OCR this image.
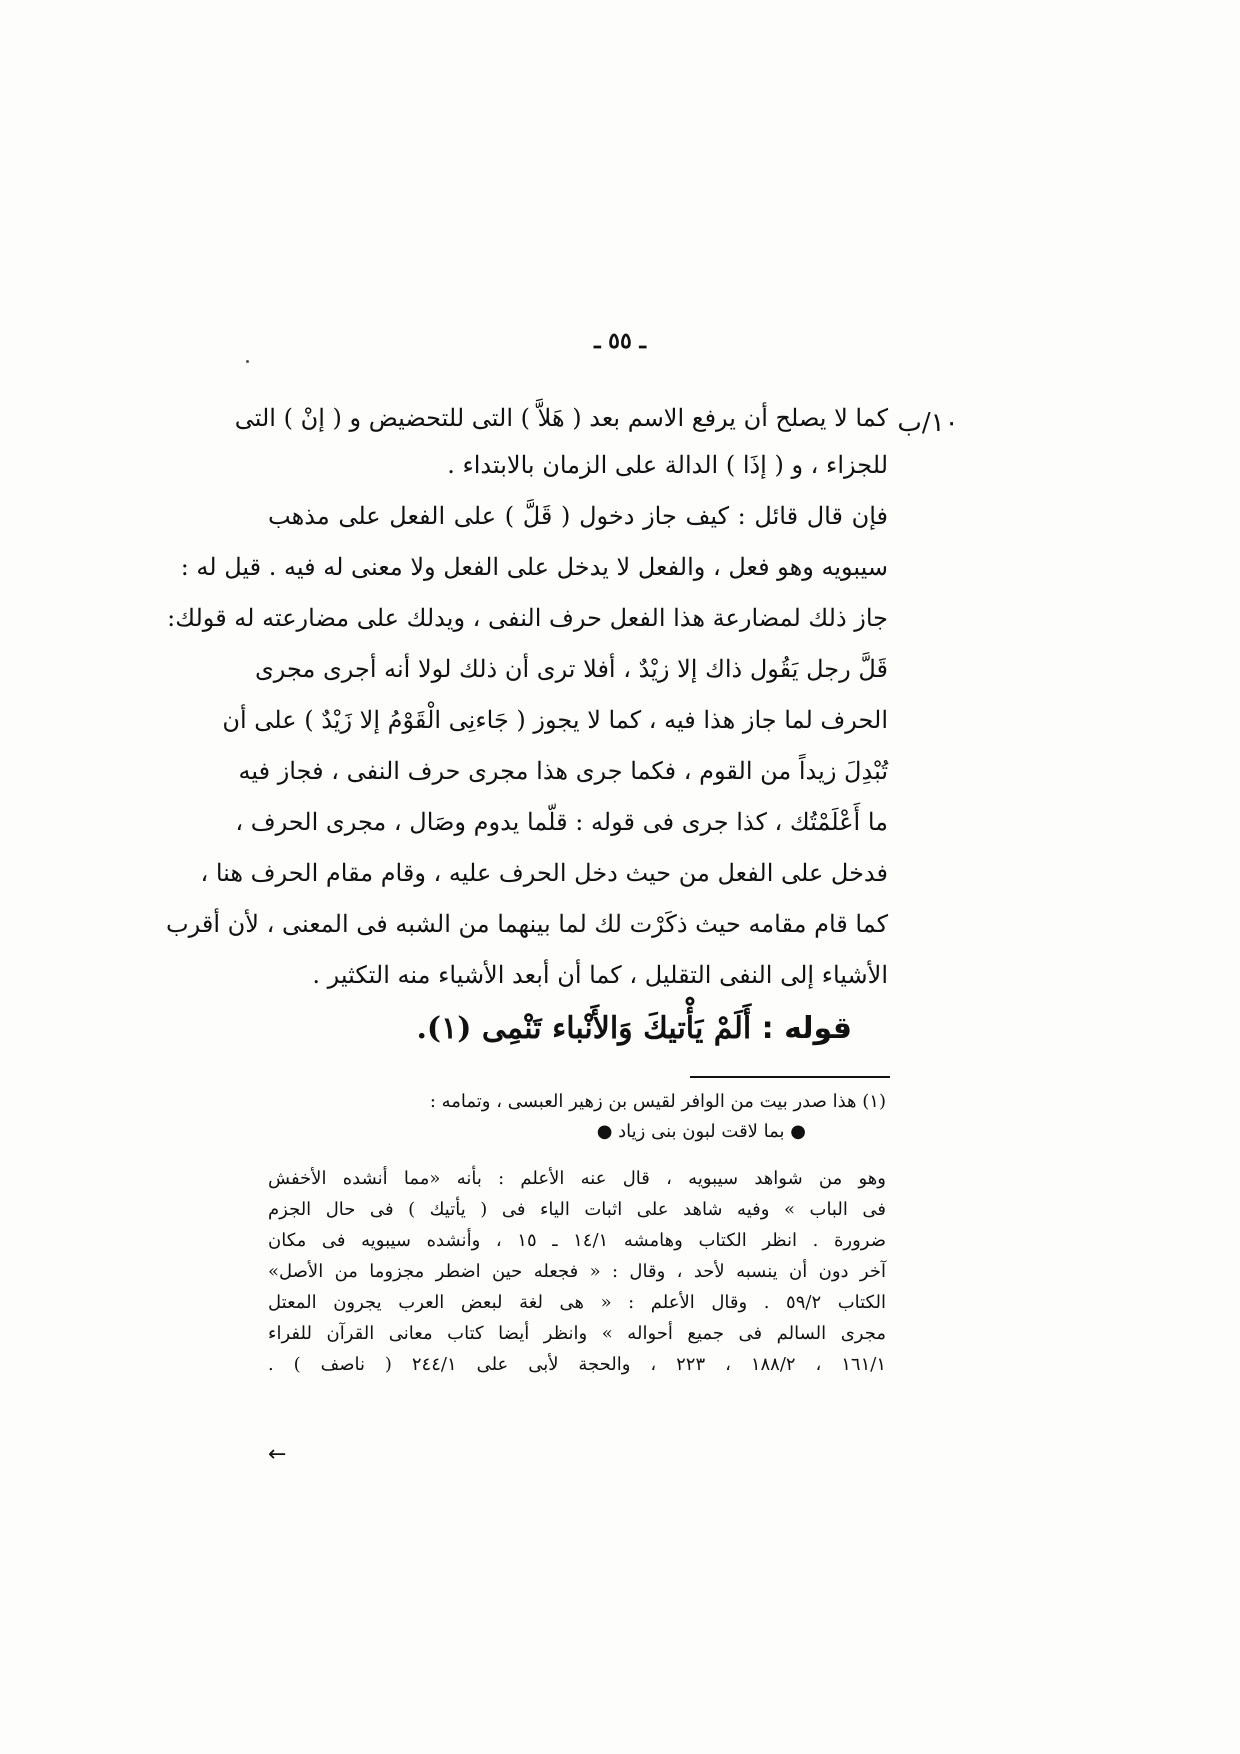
ـ ٥٥ ـ
١٠/ب
كما لا يصلح أن يرفع الاسم بعد ( هَلاَّ ) التى للتحضيض و ( إنْ ) التى
للجزاء ، و ( إذَا ) الدالة على الزمان بالابتداء .
فإن قال قائل : كيف جاز دخول ( قَلَّ ) على الفعل على مذهب
سيبويه وهو فعل ، والفعل لا يدخل على الفعل ولا معنى له فيه . قيل له :
جاز ذلك لمضارعة هذا الفعل حرف النفى ، ويدلك على مضارعته له قولك:
قَلَّ رجل يَقُول ذاك إلا زيْدٌ ، أفلا ترى أن ذلك لولا أنه أجرى مجرى
الحرف لما جاز هذا فيه ، كما لا يجوز ( جَاءنِى الْقَوْمُ إلا زَيْدٌ ) على أن
تُبْدِلَ زيداً من القوم ، فكما جرى هذا مجرى حرف النفى ، فجاز فيه
ما أَعْلَمْتُك ، كذا جرى فى قوله : قلّما يدوم وصَال ، مجرى الحرف ،
فدخل على الفعل من حيث دخل الحرف عليه ، وقام مقام الحرف هنا ،
كما قام مقامه حيث ذكَرْت لك لما بينهما من الشبه فى المعنى ، لأن أقرب
الأشياء إلى النفى التقليل ، كما أن أبعد الأشياء منه التكثير .
قوله : أَلَمْ يَأْتيكَ وَالأَنْباء تَنْمِى (١).
(١) هذا صدر بيت من الوافر لقيس بن زهير العبسى ، وتمامه :
● بما لاقت لبون بنى زياد ●
وهو من شواهد سيبويه ، قال عنه الأعلم : بأنه «مما أنشده الأخفش
فى الباب » وفيه شاهد على اثبات الياء فى ( يأتيك ) فى حال الجزم
ضرورة . انظر الكتاب وهامشه ١٤/١ ـ ١٥ ، وأنشده سيبويه فى مكان
آخر دون أن ينسبه لأحد ، وقال : « فجعله حين اضطر مجزوما من الأصل»
الكتاب ٥٩/٢ . وقال الأعلم : « هى لغة لبعض العرب يجرون المعتل
مجرى السالم فى جميع أحواله » وانظر أيضا كتاب معانى القرآن للفراء
١٦١/١ ، ١٨٨/٢ ، ٢٢٣ ، والحجة لأبى على ٢٤٤/١ ( ناصف ) .
←
